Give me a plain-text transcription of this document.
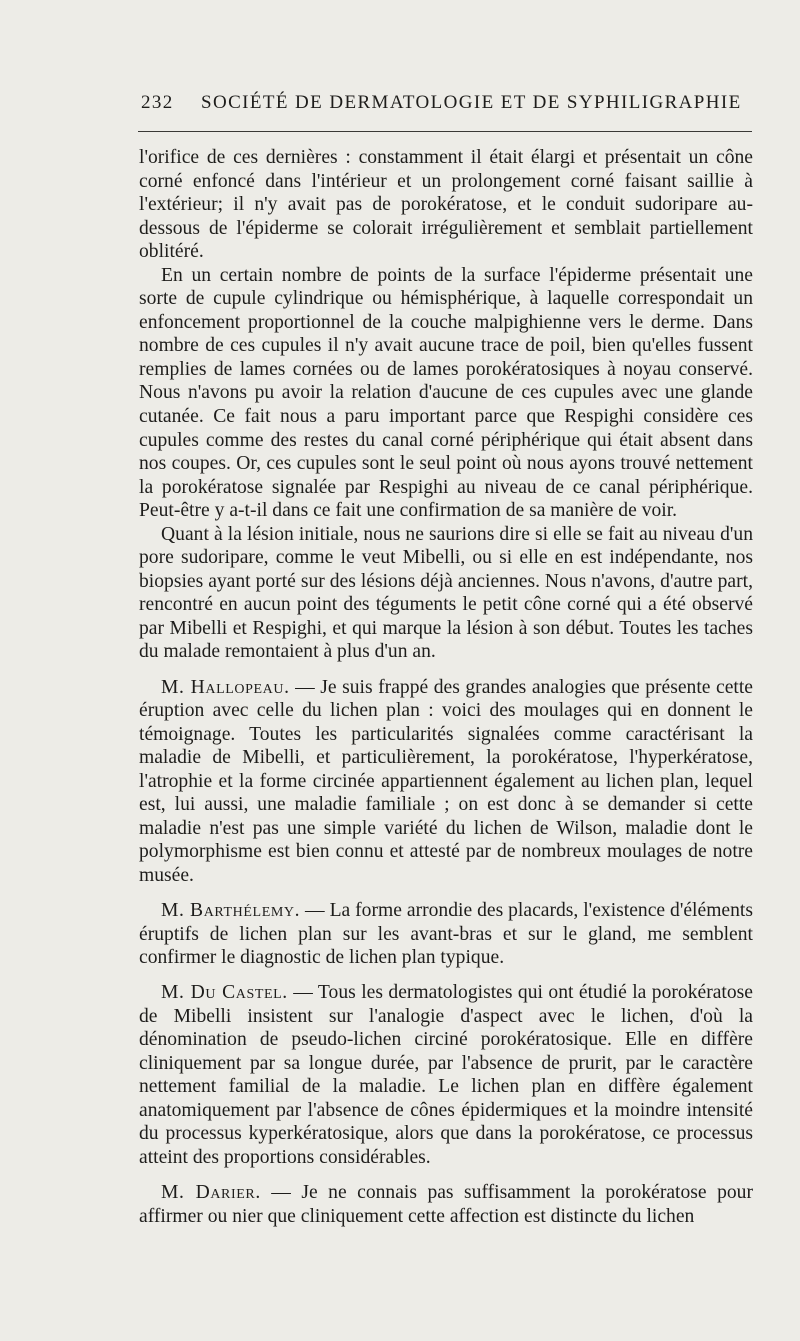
232 SOCIÉTÉ DE DERMATOLOGIE ET DE SYPHILIGRAPHIE

l'orifice de ces dernières : constamment il était élargi et présentait un cône corné enfoncé dans l'intérieur et un prolongement corné faisant saillie à l'extérieur; il n'y avait pas de porokératose, et le conduit sudoripare au-dessous de l'épiderme se colorait irrégulièrement et semblait partiellement oblitéré.

En un certain nombre de points de la surface l'épiderme présentait une sorte de cupule cylindrique ou hémisphérique, à laquelle correspondait un enfoncement proportionnel de la couche malpighienne vers le derme. Dans nombre de ces cupules il n'y avait aucune trace de poil, bien qu'elles fussent remplies de lames cornées ou de lames porokératosiques à noyau conservé. Nous n'avons pu avoir la relation d'aucune de ces cupules avec une glande cutanée. Ce fait nous a paru important parce que Respighi considère ces cupules comme des restes du canal corné périphérique qui était absent dans nos coupes. Or, ces cupules sont le seul point où nous ayons trouvé nettement la porokératose signalée par Respighi au niveau de ce canal périphérique. Peut-être y a-t-il dans ce fait une confirmation de sa manière de voir.

Quant à la lésion initiale, nous ne saurions dire si elle se fait au niveau d'un pore sudoripare, comme le veut Mibelli, ou si elle en est indépendante, nos biopsies ayant porté sur des lésions déjà anciennes. Nous n'avons, d'autre part, rencontré en aucun point des téguments le petit cône corné qui a été observé par Mibelli et Respighi, et qui marque la lésion à son début. Toutes les taches du malade remontaient à plus d'un an.

M. Hallopeau. — Je suis frappé des grandes analogies que présente cette éruption avec celle du lichen plan : voici des moulages qui en donnent le témoignage. Toutes les particularités signalées comme caractérisant la maladie de Mibelli, et particulièrement, la porokératose, l'hyperkératose, l'atrophie et la forme circinée appartiennent également au lichen plan, lequel est, lui aussi, une maladie familiale ; on est donc à se demander si cette maladie n'est pas une simple variété du lichen de Wilson, maladie dont le polymorphisme est bien connu et attesté par de nombreux moulages de notre musée.

M. Barthélemy. — La forme arrondie des placards, l'existence d'éléments éruptifs de lichen plan sur les avant-bras et sur le gland, me semblent confirmer le diagnostic de lichen plan typique.

M. Du Castel. — Tous les dermatologistes qui ont étudié la porokératose de Mibelli insistent sur l'analogie d'aspect avec le lichen, d'où la dénomination de pseudo-lichen circiné porokératosique. Elle en diffère cliniquement par sa longue durée, par l'absence de prurit, par le caractère nettement familial de la maladie. Le lichen plan en diffère également anatomiquement par l'absence de cônes épidermiques et la moindre intensité du processus kyperkératosique, alors que dans la porokératose, ce processus atteint des proportions considérables.

M. Darier. — Je ne connais pas suffisamment la porokératose pour affirmer ou nier que cliniquement cette affection est distincte du lichen
